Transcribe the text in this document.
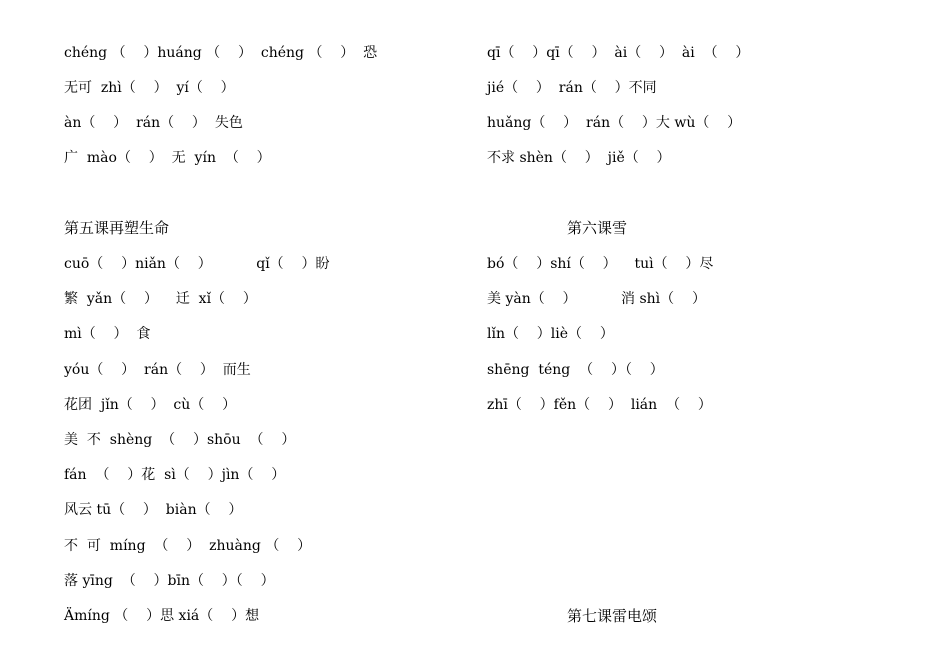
chéng （    ）huáng （    ）  chéng （    ）  恐
无可  zhì（    ）  yí（    ）
àn（    ）  rán（    ）  失色
广  mào（    ）  无  yín  （    ）
第五课再塑生命
cuō（    ）niǎn（    ）          qǐ（    ）盼
繁  yǎn（    ）    迁  xǐ（    ）
mì（    ）  食
yóu（    ）  rán（    ）  而生
花团  jǐn（    ）  cù（    ）
美  不  shèng  （    ）shōu  （    ）
fán  （    ）花  sì（    ）jìn（    ）
风云 tū（    ）  biàn（    ）
不  可  míng  （    ）  zhuàng （    ）
落 yīng  （    ）bīn（    ）（    ）
Ämíng （    ）思 xiá（    ）想
qī（    ）qī（    ）  ài（    ）  ài  （    ）
jié（    ）  rán（    ）不同
huǎng（    ）  rán（    ）大 wù（    ）
不求 shèn（    ）  jiě（    ）
第六课雪
bó（    ）shí（    ）    tuì（    ）尽
美 yàn（    ）          消 shì（    ）
lǐn（    ）liè（    ）
shēng  téng  （    ）（    ）
zhī（    ）fěn（    ）  lián  （    ）
第七课雷电颂
